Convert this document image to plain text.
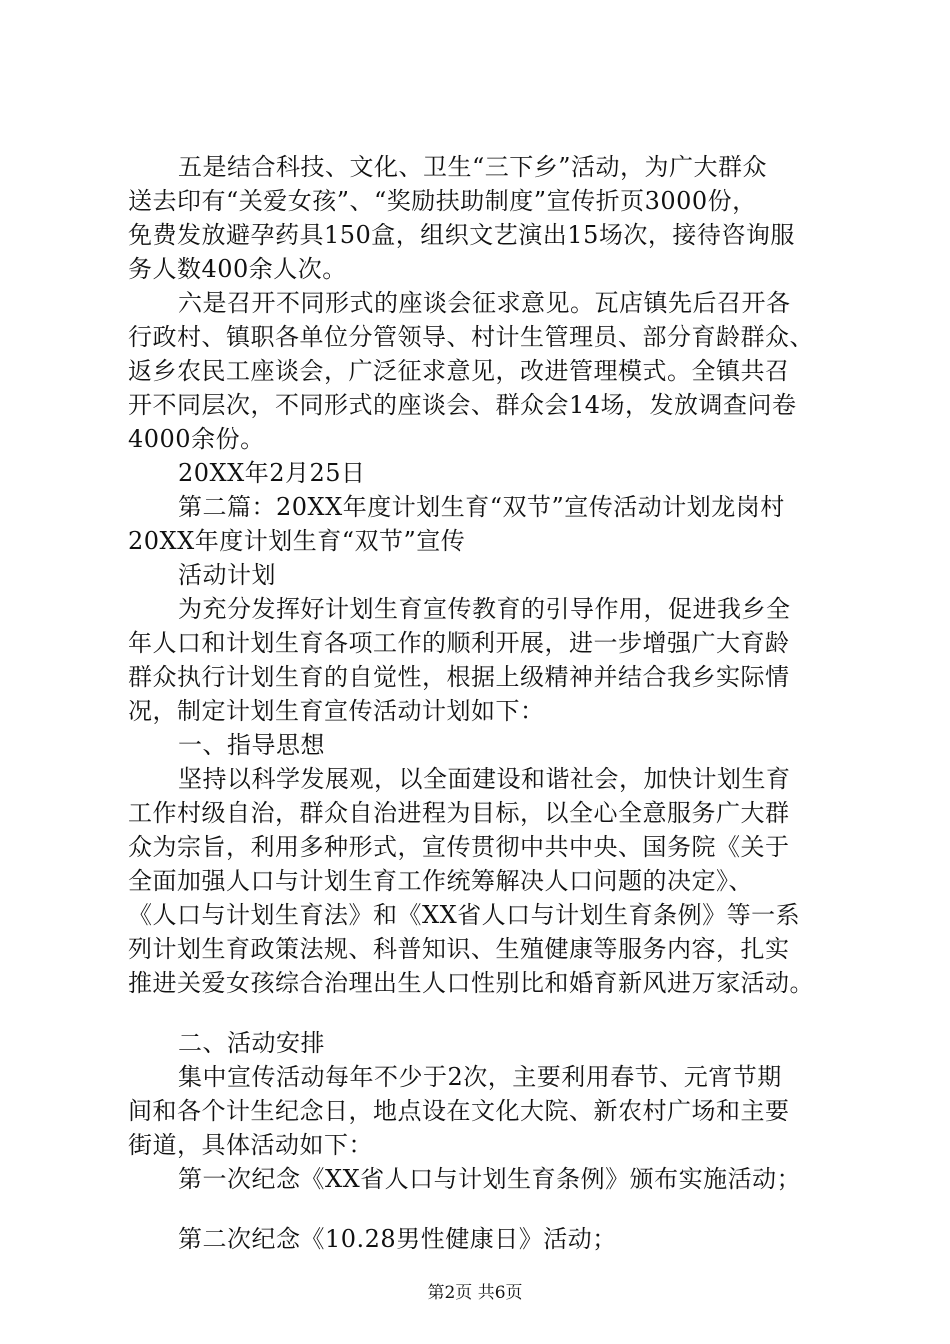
五是结合科技、文化、卫生“三下乡”活动，为广大群众
送去印有“关爱女孩”、“奖励扶助制度”宣传折页3000份，
免费发放避孕药具150盒，组织文艺演出15场次，接待咨询服
务人数400余人次。
六是召开不同形式的座谈会征求意见。瓦店镇先后召开各
行政村、镇职各单位分管领导、村计生管理员、部分育龄群众、
返乡农民工座谈会，广泛征求意见，改进管理模式。全镇共召
开不同层次，不同形式的座谈会、群众会14场，发放调查问卷
4000余份。
20XX年2月25日
第二篇：20XX年度计划生育“双节”宣传活动计划龙岗村
20XX年度计划生育“双节”宣传
活动计划
为充分发挥好计划生育宣传教育的引导作用，促进我乡全
年人口和计划生育各项工作的顺利开展，进一步增强广大育龄
群众执行计划生育的自觉性，根据上级精神并结合我乡实际情
况，制定计划生育宣传活动计划如下：
一、指导思想
坚持以科学发展观，以全面建设和谐社会，加快计划生育
工作村级自治，群众自治进程为目标，以全心全意服务广大群
众为宗旨，利用多种形式，宣传贯彻中共中央、国务院《关于
全面加强人口与计划生育工作统筹解决人口问题的决定》、
《人口与计划生育法》和《XX省人口与计划生育条例》等一系
列计划生育政策法规、科普知识、生殖健康等服务内容，扎实
推进关爱女孩综合治理出生人口性别比和婚育新风进万家活动。
二、活动安排
集中宣传活动每年不少于2次，主要利用春节、元宵节期
间和各个计生纪念日，地点设在文化大院、新农村广场和主要
街道，具体活动如下：
第一次纪念《XX省人口与计划生育条例》颁布实施活动；
第二次纪念《10.28男性健康日》活动；
第2页 共6页
